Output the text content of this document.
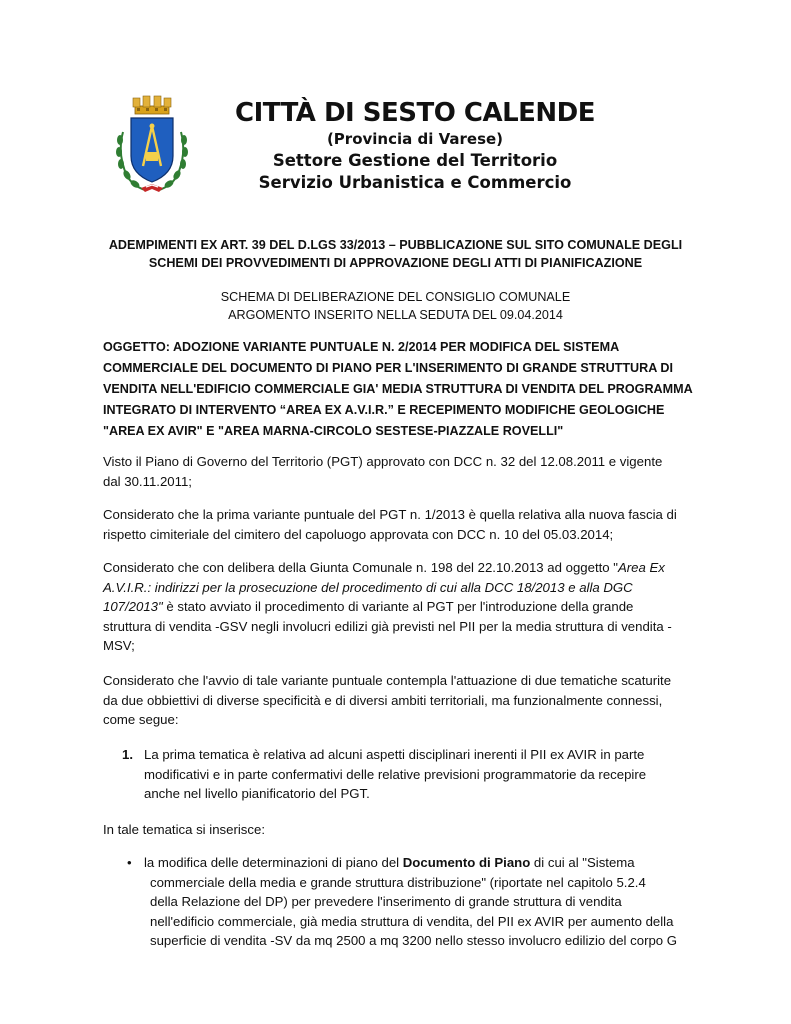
CITTÀ DI SESTO CALENDE
(Provincia di Varese)
Settore Gestione del Territorio
Servizio Urbanistica e Commercio
ADEMPIMENTI EX ART. 39 DEL D.LGS 33/2013 – PUBBLICAZIONE SUL SITO COMUNALE DEGLI
SCHEMI DEI PROVVEDIMENTI DI APPROVAZIONE DEGLI ATTI DI PIANIFICAZIONE
SCHEMA DI DELIBERAZIONE DEL CONSIGLIO COMUNALE
ARGOMENTO INSERITO NELLA SEDUTA DEL 09.04.2014
OGGETTO: ADOZIONE VARIANTE PUNTUALE N. 2/2014 PER MODIFICA DEL SISTEMA
COMMERCIALE DEL DOCUMENTO DI PIANO PER L'INSERIMENTO DI GRANDE STRUTTURA DI
VENDITA NELL'EDIFICIO COMMERCIALE GIA' MEDIA STRUTTURA DI VENDITA DEL PROGRAMMA
INTEGRATO DI INTERVENTO “AREA EX A.V.I.R.” E RECEPIMENTO MODIFICHE GEOLOGICHE
"AREA EX AVIR" E "AREA MARNA-CIRCOLO SESTESE-PIAZZALE ROVELLI"
Visto il Piano di Governo del Territorio (PGT) approvato con DCC n. 32 del 12.08.2011 e vigente
dal 30.11.2011;
Considerato che la prima variante puntuale del PGT n. 1/2013 è quella relativa alla nuova fascia di
rispetto cimiteriale del cimitero del capoluogo approvata con DCC n. 10 del 05.03.2014;
Considerato che con delibera della Giunta Comunale n. 198 del 22.10.2013 ad oggetto "Area Ex
A.V.I.R.: indirizzi per la prosecuzione del procedimento di cui alla DCC 18/2013 e alla DGC
107/2013" è stato avviato il procedimento di variante al PGT per l'introduzione della grande
struttura di vendita -GSV negli involucri edilizi già previsti nel PII per la media struttura di vendita -
MSV;
Considerato che l'avvio di tale variante puntuale contempla l'attuazione di due tematiche scaturite
da due obbiettivi di diverse specificità e di diversi ambiti territoriali, ma funzionalmente connessi,
come segue:
1. La prima tematica è relativa ad alcuni aspetti disciplinari inerenti il PII ex AVIR in parte
modificativi e in parte confermativi delle relative previsioni programmatorie da recepire
anche nel livello pianificatorio del PGT.
In tale tematica si inserisce:
• la modifica delle determinazioni di piano del Documento di Piano di cui al "Sistema
commerciale della media e grande struttura distribuzione" (riportate nel capitolo 5.2.4
della Relazione del DP) per prevedere l'inserimento di grande struttura di vendita
nell'edificio commerciale, già media struttura di vendita, del PII ex AVIR per aumento della
superficie di vendita -SV da mq 2500 a mq 3200 nello stesso involucro edilizio del corpo G
